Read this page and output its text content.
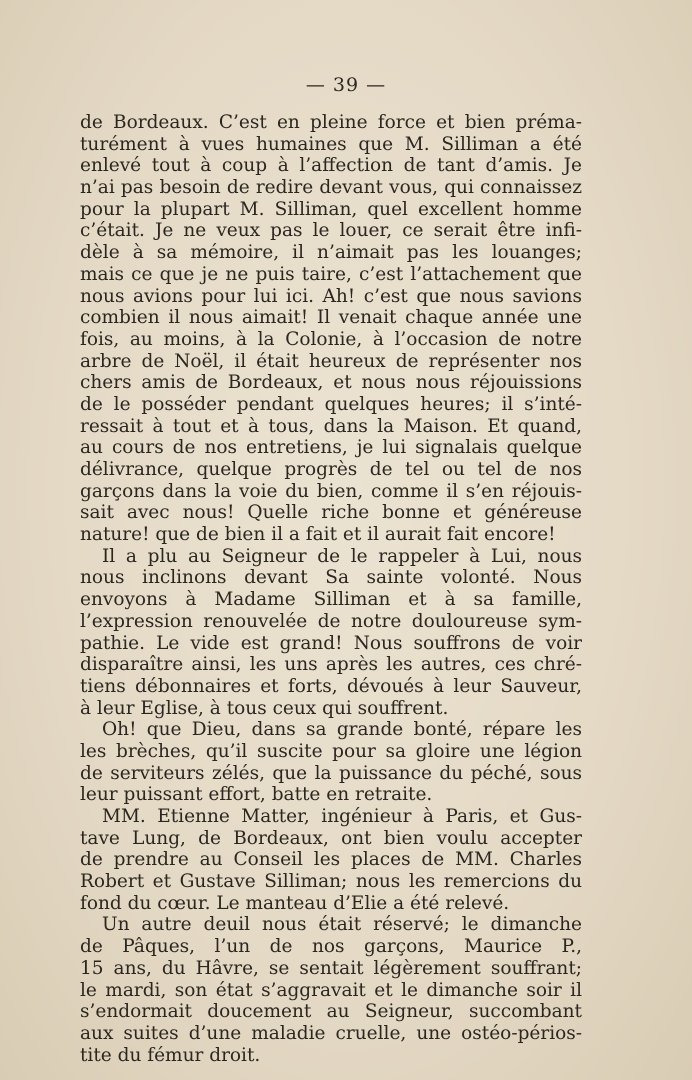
— 39 —
de Bordeaux. C’est en pleine force et bien préma-
turément à vues humaines que M. Silliman a été
enlevé tout à coup à l’affection de tant d’amis. Je
n’ai pas besoin de redire devant vous, qui connaissez
pour la plupart M. Silliman, quel excellent homme
c’était. Je ne veux pas le louer, ce serait être infi-
dèle à sa mémoire, il n’aimait pas les louanges;
mais ce que je ne puis taire, c’est l’attachement que
nous avions pour lui ici. Ah! c’est que nous savions
combien il nous aimait! Il venait chaque année une
fois, au moins, à la Colonie, à l’occasion de notre
arbre de Noël, il était heureux de représenter nos
chers amis de Bordeaux, et nous nous réjouissions
de le posséder pendant quelques heures; il s’inté-
ressait à tout et à tous, dans la Maison. Et quand,
au cours de nos entretiens, je lui signalais quelque
délivrance, quelque progrès de tel ou tel de nos
garçons dans la voie du bien, comme il s’en réjouis-
sait avec nous! Quelle riche bonne et généreuse
nature! que de bien il a fait et il aurait fait encore!
Il a plu au Seigneur de le rappeler à Lui, nous
nous inclinons devant Sa sainte volonté. Nous
envoyons à Madame Silliman et à sa famille,
l’expression renouvelée de notre douloureuse sym-
pathie. Le vide est grand! Nous souffrons de voir
disparaître ainsi, les uns après les autres, ces chré-
tiens débonnaires et forts, dévoués à leur Sauveur,
à leur Eglise, à tous ceux qui souffrent.
Oh! que Dieu, dans sa grande bonté, répare les
les brèches, qu’il suscite pour sa gloire une légion
de serviteurs zélés, que la puissance du péché, sous
leur puissant effort, batte en retraite.
MM. Etienne Matter, ingénieur à Paris, et Gus-
tave Lung, de Bordeaux, ont bien voulu accepter
de prendre au Conseil les places de MM. Charles
Robert et Gustave Silliman; nous les remercions du
fond du cœur. Le manteau d’Elie a été relevé.
Un autre deuil nous était réservé; le dimanche
de Pâques, l’un de nos garçons, Maurice P.,
15 ans, du Hâvre, se sentait légèrement souffrant;
le mardi, son état s’aggravait et le dimanche soir il
s’endormait doucement au Seigneur, succombant
aux suites d’une maladie cruelle, une ostéo-périos-
tite du fémur droit.
